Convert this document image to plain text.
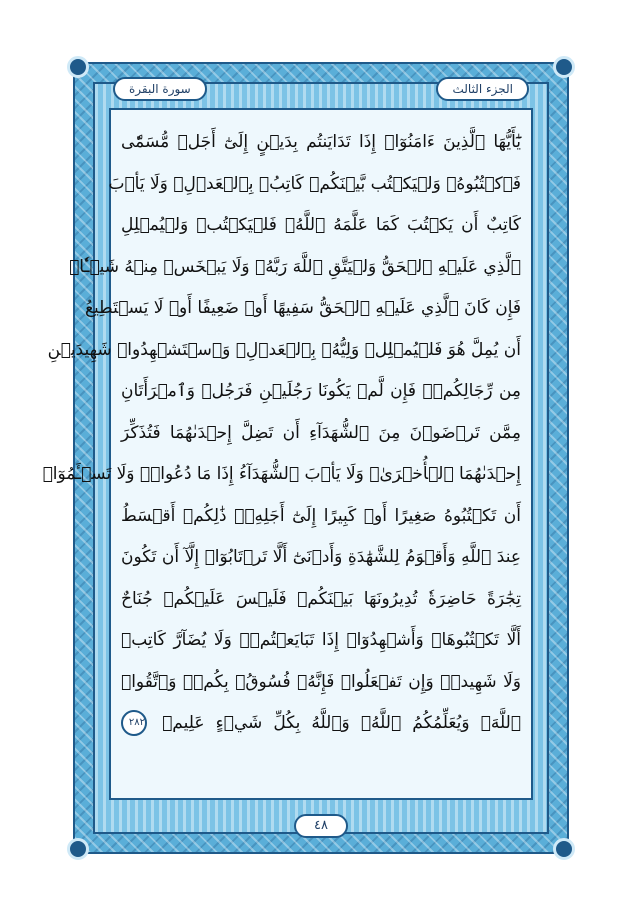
سورة البقرة	الجزء الثالث
يَٰٓأَيُّهَا ٱلَّذِينَ ءَامَنُوٓا۟ إِذَا تَدَايَنتُم بِدَيۡنٍ إِلَىٰٓ أَجَلٖ مُّسَمّٗى
فَٱكۡتُبُوهُۚ وَلۡيَكۡتُب بَّيۡنَكُمۡ كَاتِبُۢ بِٱلۡعَدۡلِۚ وَلَا يَأۡبَ
كَاتِبٌ أَن يَكۡتُبَ كَمَا عَلَّمَهُ ٱللَّهُۚ فَلۡيَكۡتُبۡ وَلۡيُمۡلِلِ
ٱلَّذِي عَلَيۡهِ ٱلۡحَقُّ وَلۡيَتَّقِ ٱللَّهَ رَبَّهُۥ وَلَا يَبۡخَسۡ مِنۡهُ شَيۡـٔٗاۚ
فَإِن كَانَ ٱلَّذِي عَلَيۡهِ ٱلۡحَقُّ سَفِيهًا أَوۡ ضَعِيفًا أَوۡ لَا يَسۡتَطِيعُ
أَن يُمِلَّ هُوَ فَلۡيُمۡلِلۡ وَلِيُّهُۥ بِٱلۡعَدۡلِۚ وَٱسۡتَشۡهِدُوا۟ شَهِيدَيۡنِ
مِن رِّجَالِكُمۡۖ فَإِن لَّمۡ يَكُونَا رَجُلَيۡنِ فَرَجُلٞ وَٱمۡرَأَتَانِ
مِمَّن تَرۡضَوۡنَ مِنَ ٱلشُّهَدَآءِ أَن تَضِلَّ إِحۡدَىٰهُمَا فَتُذَكِّرَ
إِحۡدَىٰهُمَا ٱلۡأُخۡرَىٰۚ وَلَا يَأۡبَ ٱلشُّهَدَآءُ إِذَا مَا دُعُوا۟ۚ وَلَا تَسۡـَٔمُوٓا۟
أَن تَكۡتُبُوهُ صَغِيرًا أَوۡ كَبِيرًا إِلَىٰٓ أَجَلِهِۦۚ ذَٰلِكُمۡ أَقۡسَطُ
عِندَ ٱللَّهِ وَأَقۡوَمُ لِلشَّهَٰدَةِ وَأَدۡنَىٰٓ أَلَّا تَرۡتَابُوٓا۟ إِلَّآ أَن تَكُونَ
تِجَٰرَةً حَاضِرَةٗ تُدِيرُونَهَا بَيۡنَكُمۡ فَلَيۡسَ عَلَيۡكُمۡ جُنَاحٌ
أَلَّا تَكۡتُبُوهَاۗ وَأَشۡهِدُوٓا۟ إِذَا تَبَايَعۡتُمۡۚ وَلَا يُضَآرَّ كَاتِبٞ
وَلَا شَهِيدٞۚ وَإِن تَفۡعَلُوا۟ فَإِنَّهُۥ فُسُوقُۢ بِكُمۡۗ وَٱتَّقُوا۟
ٱللَّهَۖ وَيُعَلِّمُكُمُ ٱللَّهُۗ وَٱللَّهُ بِكُلِّ شَيۡءٍ عَلِيمٞ ٢٨٢
٤٨
